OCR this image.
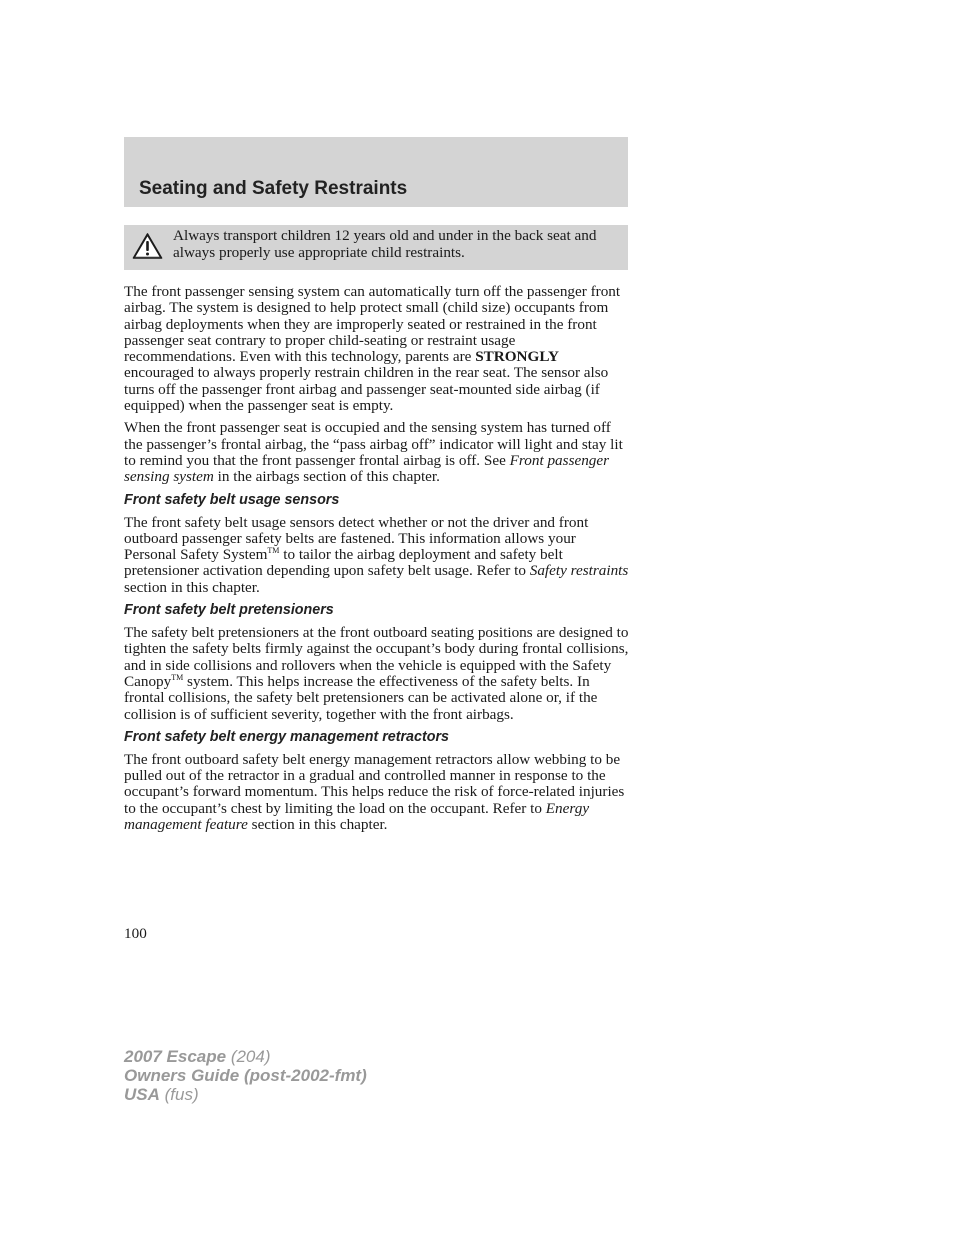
Seating and Safety Restraints

Always transport children 12 years old and under in the back seat and always properly use appropriate child restraints.

The front passenger sensing system can automatically turn off the passenger front airbag. The system is designed to help protect small (child size) occupants from airbag deployments when they are improperly seated or restrained in the front passenger seat contrary to proper child-seating or restraint usage recommendations. Even with this technology, parents are STRONGLY encouraged to always properly restrain children in the rear seat. The sensor also turns off the passenger front airbag and passenger seat-mounted side airbag (if equipped) when the passenger seat is empty.

When the front passenger seat is occupied and the sensing system has turned off the passenger’s frontal airbag, the “pass airbag off” indicator will light and stay lit to remind you that the front passenger frontal airbag is off. See Front passenger sensing system in the airbags section of this chapter.

Front safety belt usage sensors

The front safety belt usage sensors detect whether or not the driver and front outboard passenger safety belts are fastened. This information allows your Personal Safety System™ to tailor the airbag deployment and safety belt pretensioner activation depending upon safety belt usage. Refer to Safety restraints section in this chapter.

Front safety belt pretensioners

The safety belt pretensioners at the front outboard seating positions are designed to tighten the safety belts firmly against the occupant’s body during frontal collisions, and in side collisions and rollovers when the vehicle is equipped with the Safety Canopy™ system. This helps increase the effectiveness of the safety belts. In frontal collisions, the safety belt pretensioners can be activated alone or, if the collision is of sufficient severity, together with the front airbags.

Front safety belt energy management retractors

The front outboard safety belt energy management retractors allow webbing to be pulled out of the retractor in a gradual and controlled manner in response to the occupant’s forward momentum. This helps reduce the risk of force-related injuries to the occupant’s chest by limiting the load on the occupant. Refer to Energy management feature section in this chapter.

100

2007 Escape (204)
Owners Guide (post-2002-fmt)
USA (fus)
